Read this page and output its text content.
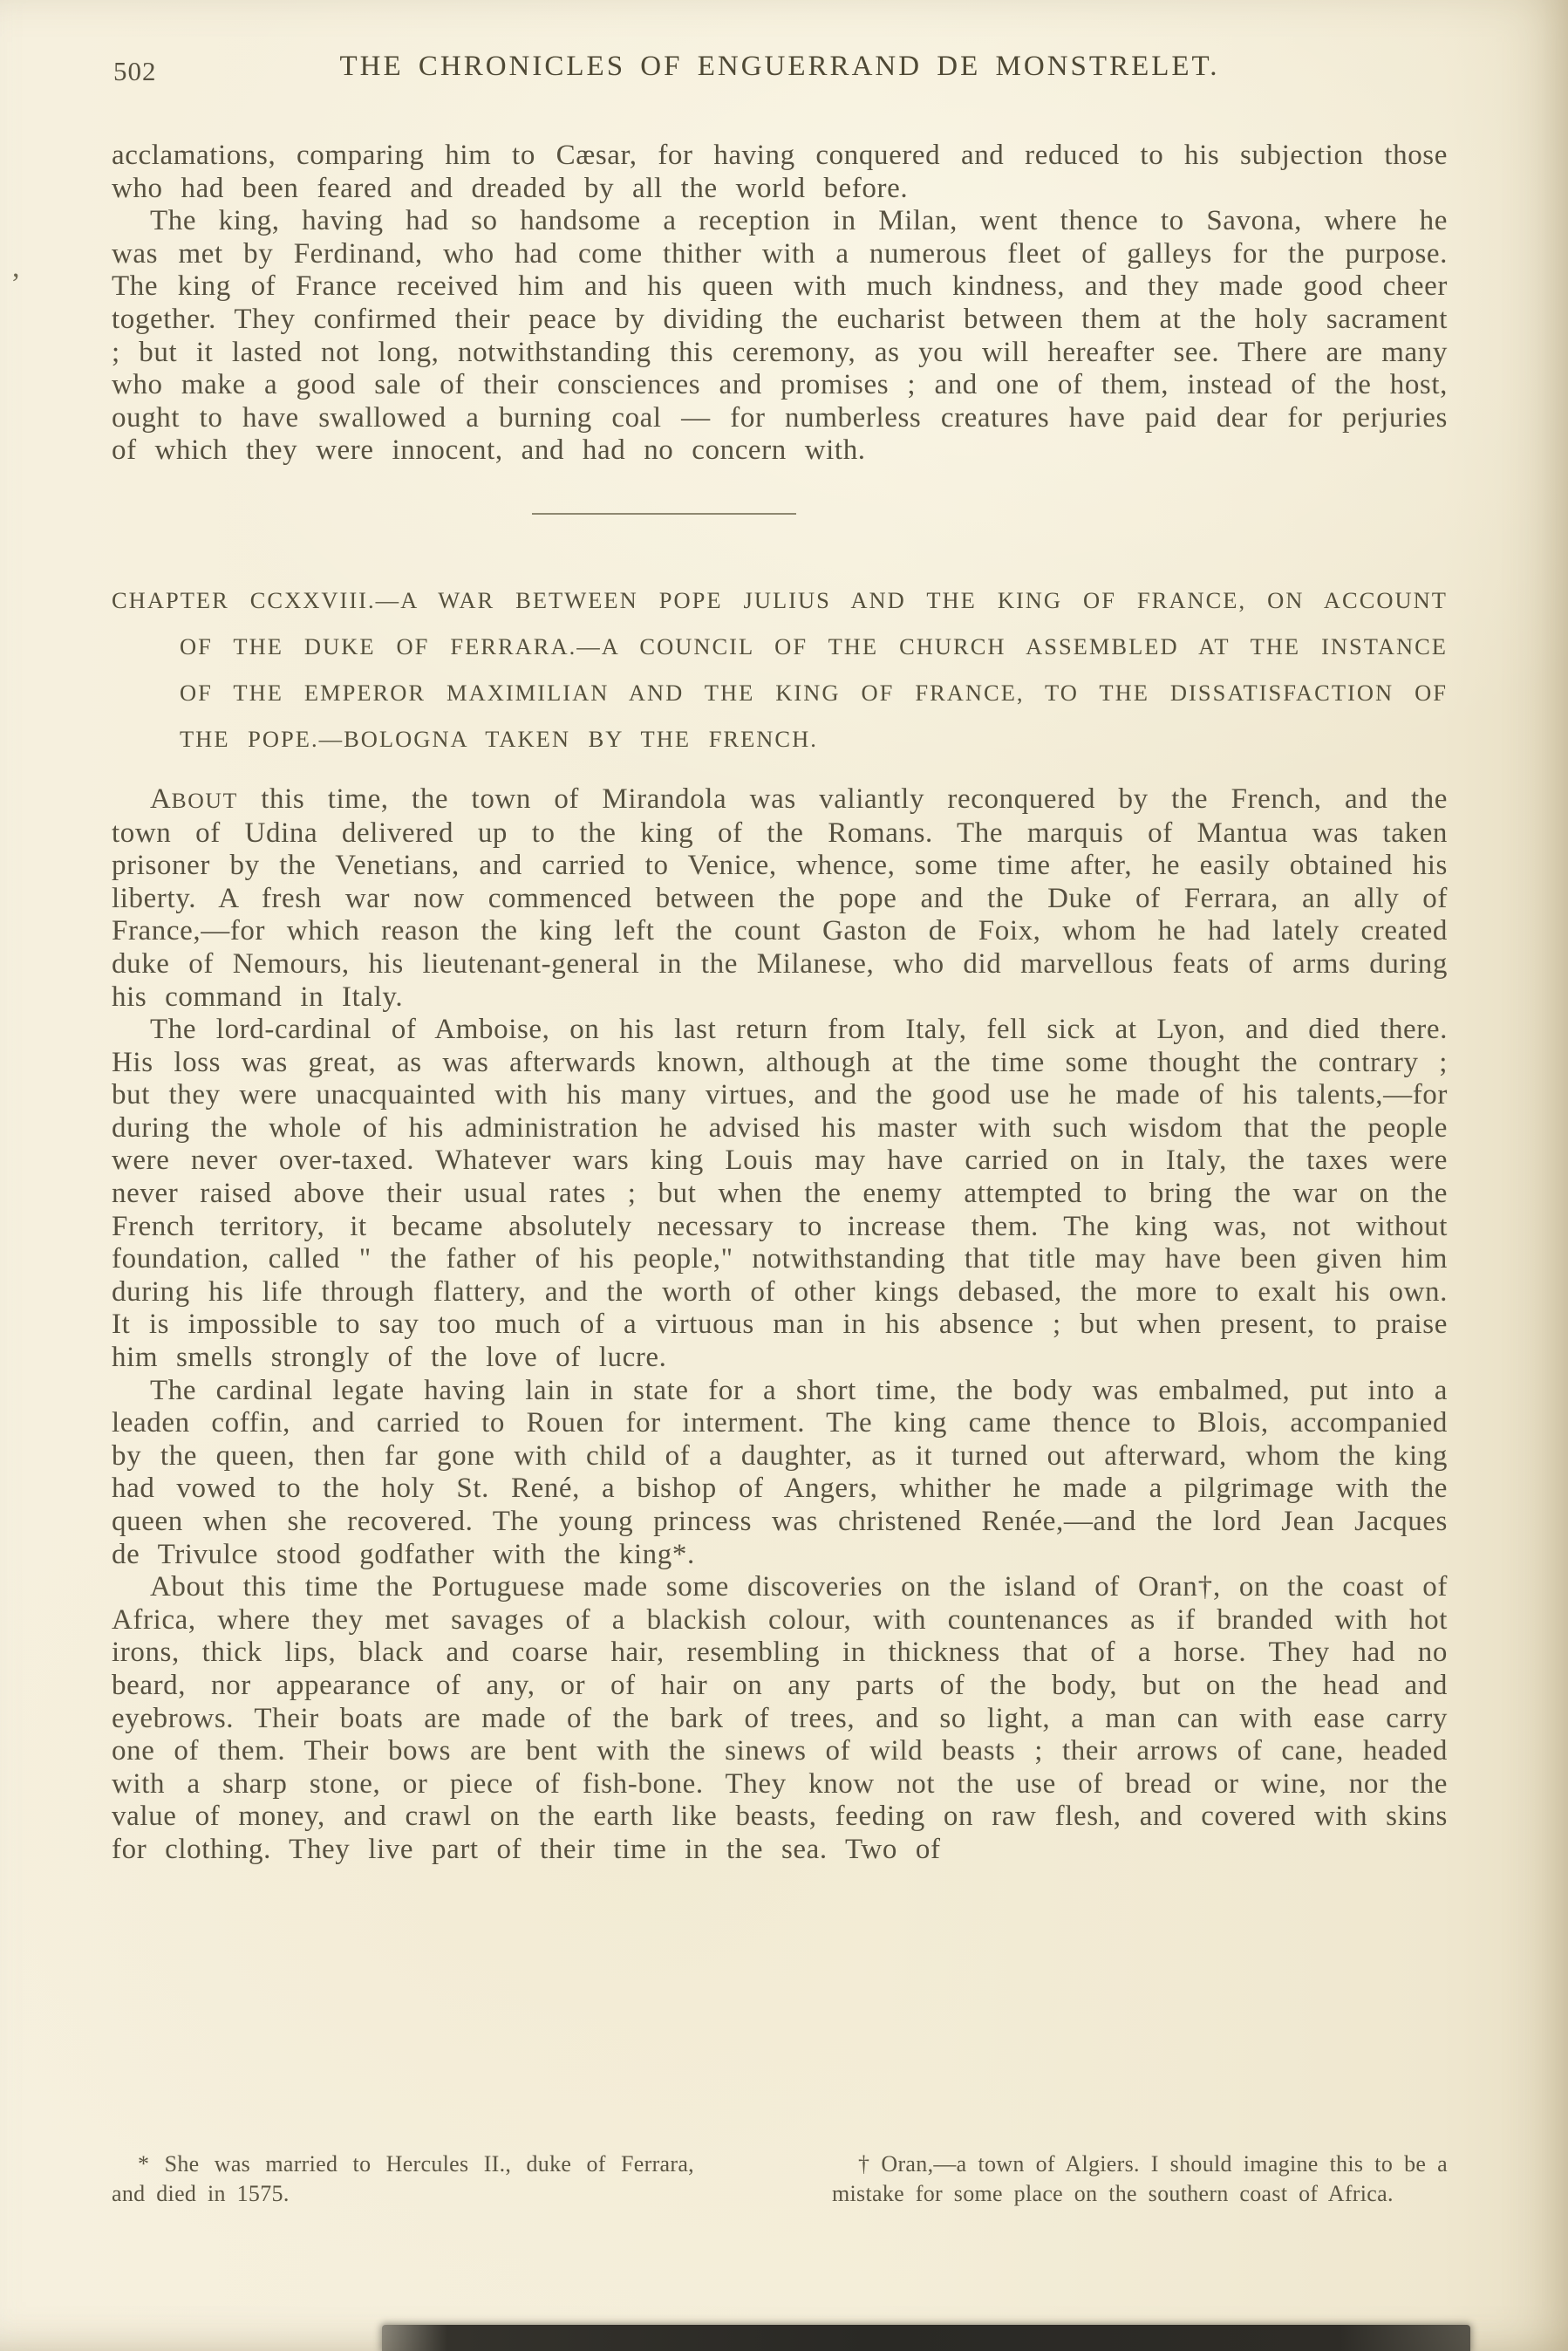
,
502	THE CHRONICLES OF ENGUERRAND DE MONSTRELET.

acclamations, comparing him to Cæsar, for having conquered and reduced to his subjection those who had been feared and dreaded by all the world before.

The king, having had so handsome a reception in Milan, went thence to Savona, where he was met by Ferdinand, who had come thither with a numerous fleet of galleys for the purpose. The king of France received him and his queen with much kindness, and they made good cheer together. They confirmed their peace by dividing the eucharist between them at the holy sacrament ; but it lasted not long, notwithstanding this ceremony, as you will hereafter see. There are many who make a good sale of their consciences and promises ; and one of them, instead of the host, ought to have swallowed a burning coal — for numberless creatures have paid dear for perjuries of which they were innocent, and had no concern with.

CHAPTER CCXXVIII.—A WAR BETWEEN POPE JULIUS AND THE KING OF FRANCE, ON ACCOUNT OF THE DUKE OF FERRARA.—A COUNCIL OF THE CHURCH ASSEMBLED AT THE INSTANCE OF THE EMPEROR MAXIMILIAN AND THE KING OF FRANCE, TO THE DISSATISFACTION OF THE POPE.—BOLOGNA TAKEN BY THE FRENCH.

ABOUT this time, the town of Mirandola was valiantly reconquered by the French, and the town of Udina delivered up to the king of the Romans. The marquis of Mantua was taken prisoner by the Venetians, and carried to Venice, whence, some time after, he easily obtained his liberty. A fresh war now commenced between the pope and the Duke of Ferrara, an ally of France,—for which reason the king left the count Gaston de Foix, whom he had lately created duke of Nemours, his lieutenant-general in the Milanese, who did marvellous feats of arms during his command in Italy.

The lord-cardinal of Amboise, on his last return from Italy, fell sick at Lyon, and died there. His loss was great, as was afterwards known, although at the time some thought the contrary ; but they were unacquainted with his many virtues, and the good use he made of his talents,—for during the whole of his administration he advised his master with such wisdom that the people were never over-taxed. Whatever wars king Louis may have carried on in Italy, the taxes were never raised above their usual rates ; but when the enemy attempted to bring the war on the French territory, it became absolutely necessary to increase them. The king was, not without foundation, called " the father of his people," notwithstanding that title may have been given him during his life through flattery, and the worth of other kings debased, the more to exalt his own. It is impossible to say too much of a virtuous man in his absence ; but when present, to praise him smells strongly of the love of lucre.

The cardinal legate having lain in state for a short time, the body was embalmed, put into a leaden coffin, and carried to Rouen for interment. The king came thence to Blois, accompanied by the queen, then far gone with child of a daughter, as it turned out afterward, whom the king had vowed to the holy St. René, a bishop of Angers, whither he made a pilgrimage with the queen when she recovered. The young princess was christened Renée,—and the lord Jean Jacques de Trivulce stood godfather with the king*.

About this time the Portuguese made some discoveries on the island of Oran†, on the coast of Africa, where they met savages of a blackish colour, with countenances as if branded with hot irons, thick lips, black and coarse hair, resembling in thickness that of a horse. They had no beard, nor appearance of any, or of hair on any parts of the body, but on the head and eyebrows. Their boats are made of the bark of trees, and so light, a man can with ease carry one of them. Their bows are bent with the sinews of wild beasts ; their arrows of cane, headed with a sharp stone, or piece of fish-bone. They know not the use of bread or wine, nor the value of money, and crawl on the earth like beasts, feeding on raw flesh, and covered with skins for clothing. They live part of their time in the sea. Two of

* She was married to Hercules II., duke of Ferrara, and died in 1575.

† Oran,—a town of Algiers. I should imagine this to be a mistake for some place on the southern coast of Africa.
